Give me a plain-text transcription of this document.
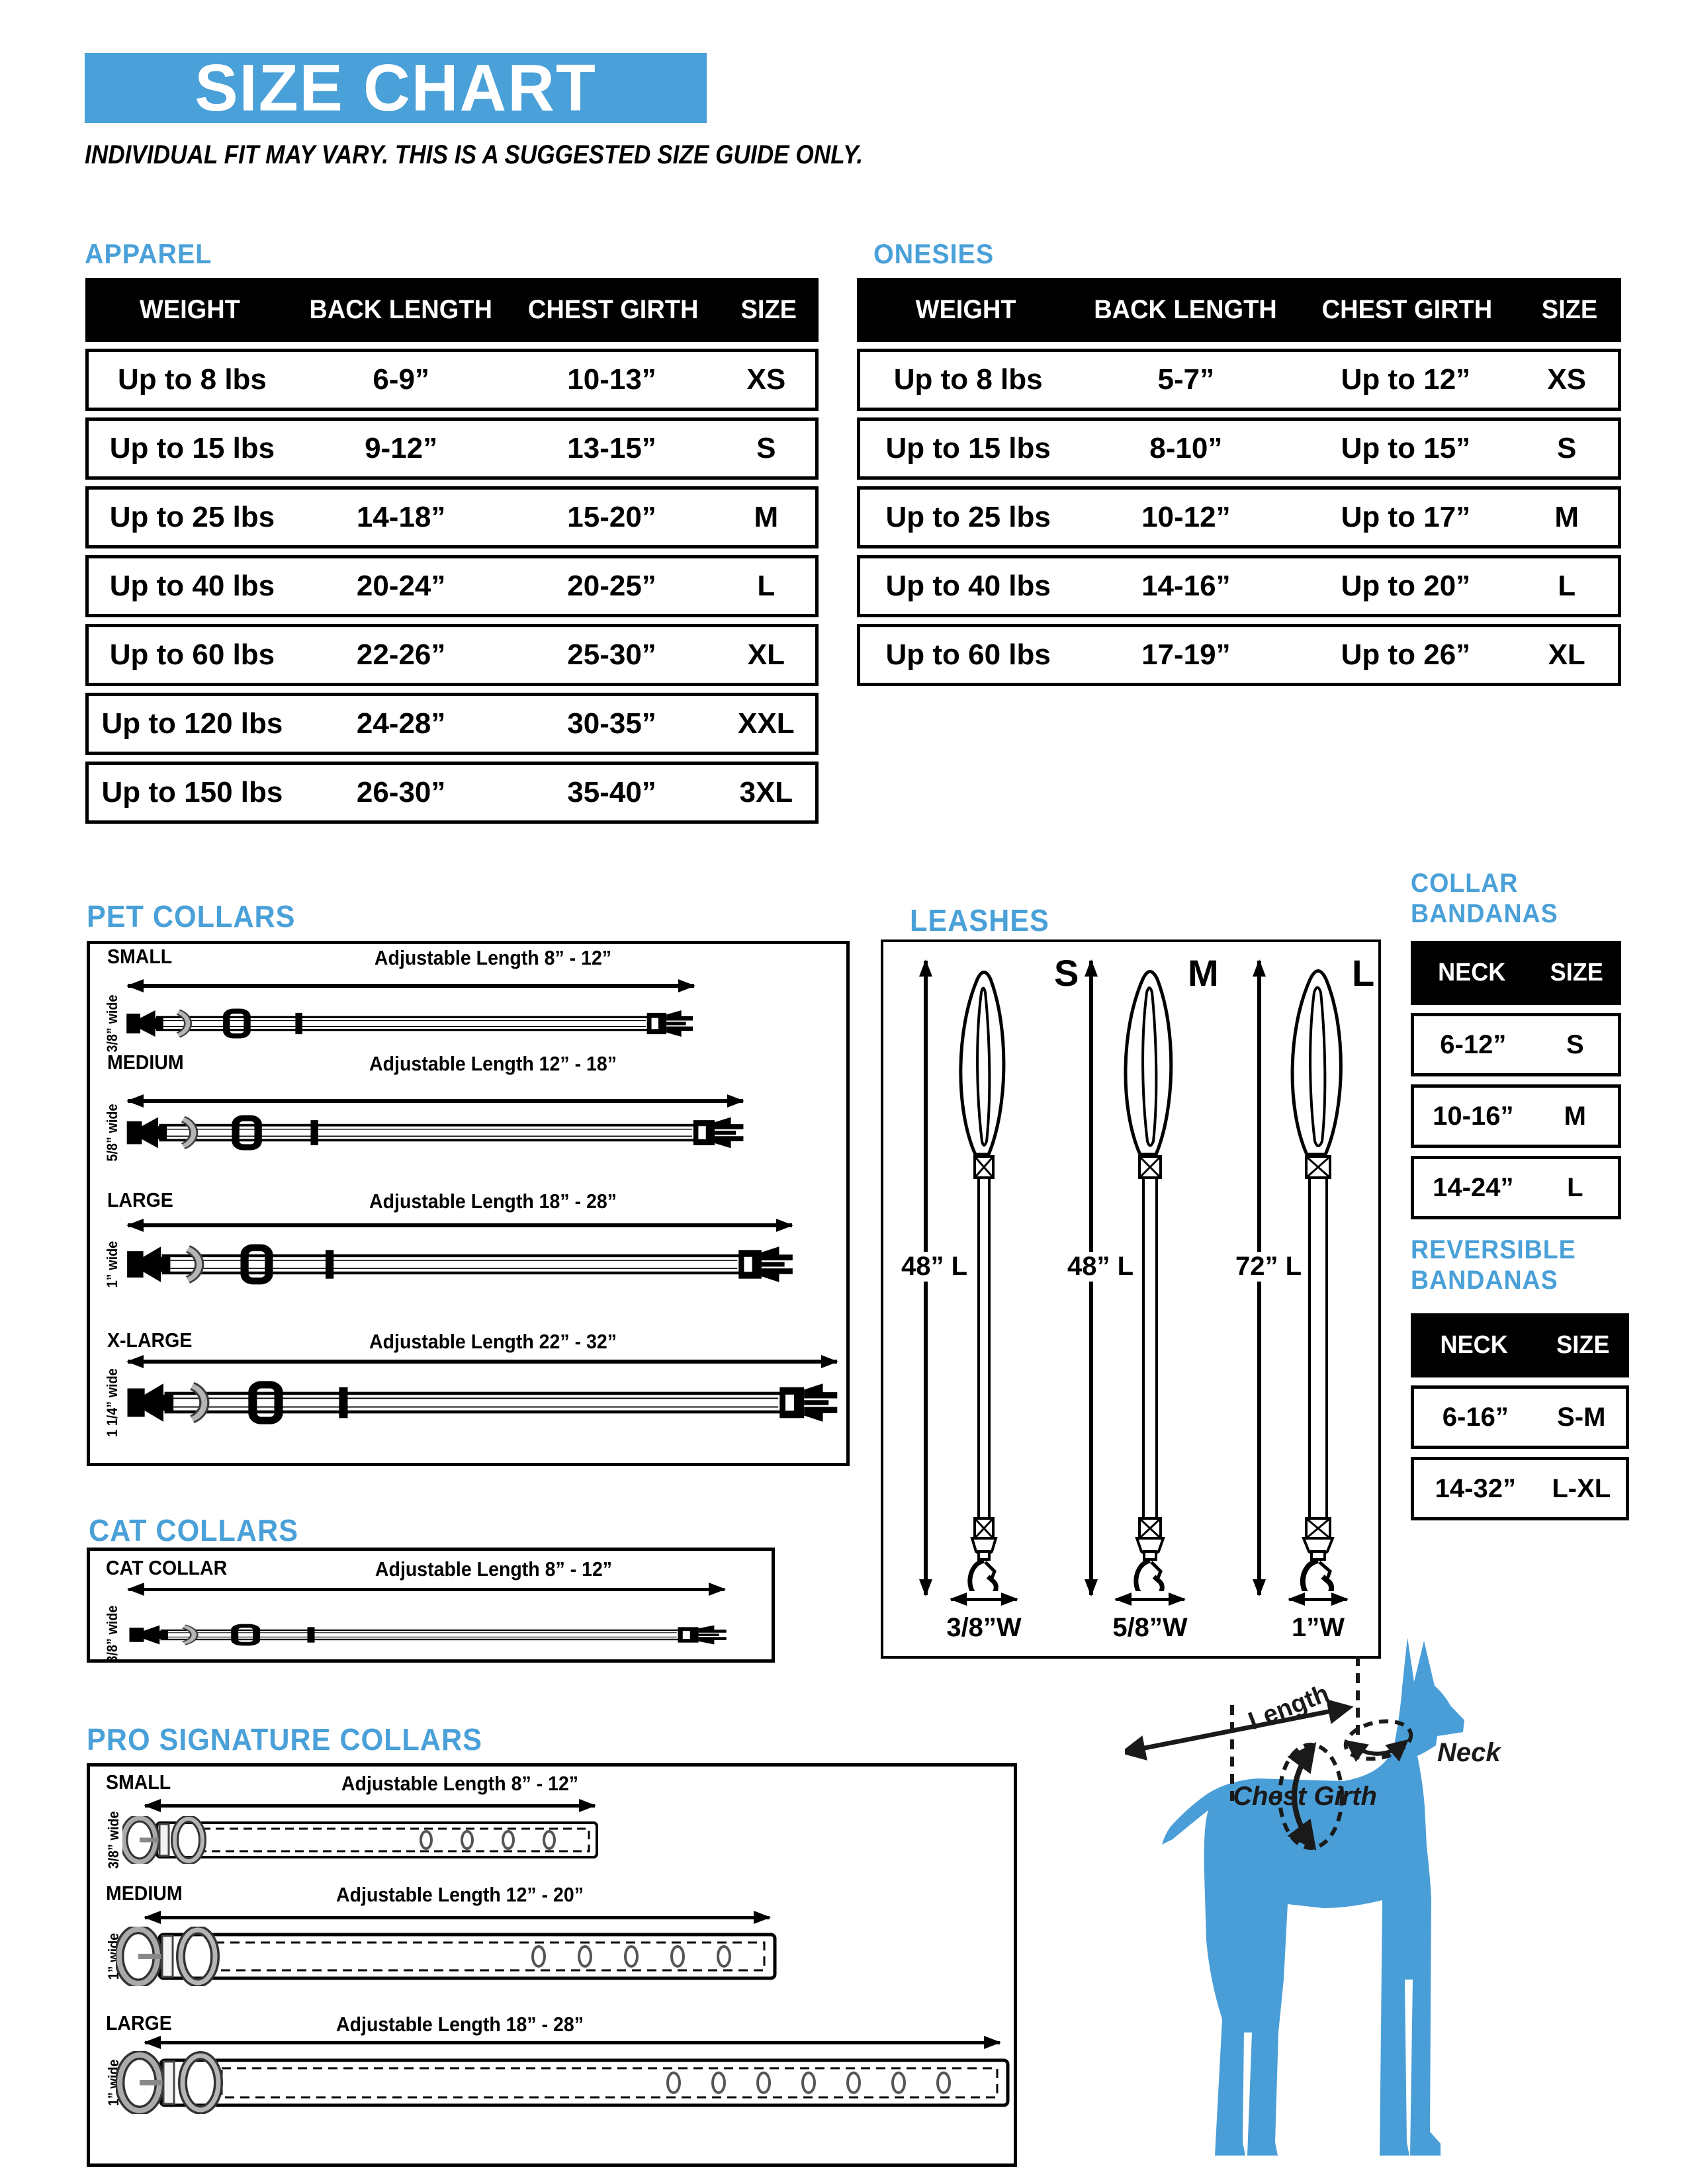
SIZE CHART
INDIVIDUAL FIT MAY VARY. THIS IS A SUGGESTED SIZE GUIDE ONLY.
APPAREL
WEIGHT	BACK LENGTH	CHEST GIRTH	SIZE
Up to 8 lbs	6-9”	10-13”	XS
Up to 15 lbs	9-12”	13-15”	S
Up to 25 lbs	14-18”	15-20”	M
Up to 40 lbs	20-24”	20-25”	L
Up to 60 lbs	22-26”	25-30”	XL
Up to 120 lbs	24-28”	30-35”	XXL
Up to 150 lbs	26-30”	35-40”	3XL
ONESIES
WEIGHT	BACK LENGTH	CHEST GIRTH	SIZE
Up to 8 lbs	5-7”	Up to 12”	XS
Up to 15 lbs	8-10”	Up to 15”	S
Up to 25 lbs	10-12”	Up to 17”	M
Up to 40 lbs	14-16”	Up to 20”	L
Up to 60 lbs	17-19”	Up to 26”	XL
PET COLLARS
SMALL	Adjustable Length 8” - 12”
3/8” wide
MEDIUM	Adjustable Length 12” - 18”
5/8” wide
LARGE	Adjustable Length 18” - 28”
1” wide
X-LARGE	Adjustable Length 22” - 32”
1 1/4” wide
LEASHES
S
48” L
3/8”W
M
48” L
5/8”W
L
72” L
1”W
COLLAR
BANDANAS
NECK	SIZE
6-12”	S
10-16”	M
14-24”	L
REVERSIBLE
BANDANAS
NECK	SIZE
6-16”	S-M
14-32”	L-XL
CAT COLLARS
CAT COLLAR	Adjustable Length 8” - 12”
3/8” wide
PRO SIGNATURE COLLARS
SMALL	Adjustable Length 8” - 12”
3/8” wide
MEDIUM	Adjustable Length 12” - 20”
1” wide
LARGE	Adjustable Length 18” - 28”
1” wide
Length
Neck
Chest Girth
